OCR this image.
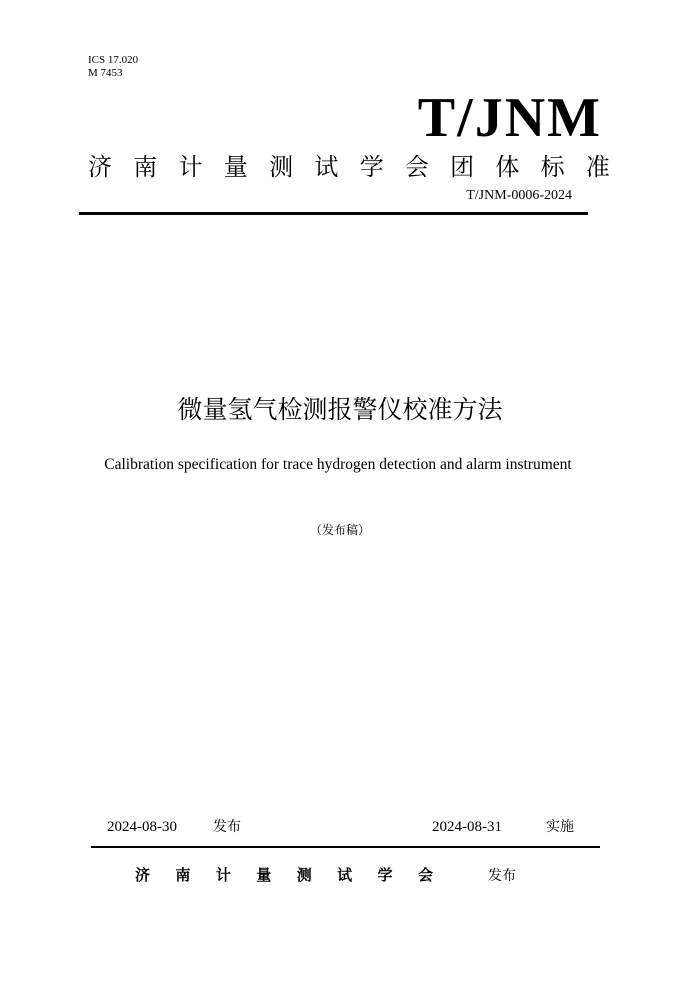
ICS 17.020
M 7453
T/JNM
济 南 计 量 测 试 学 会 团 体 标 准
T/JNM-0006-2024
微量氢气检测报警仪校准方法
Calibration specification for trace hydrogen detection and alarm instrument
（发布稿）
2024-08-30	发布	2024-08-31	实施
济 南 计 量 测 试 学 会	发布
